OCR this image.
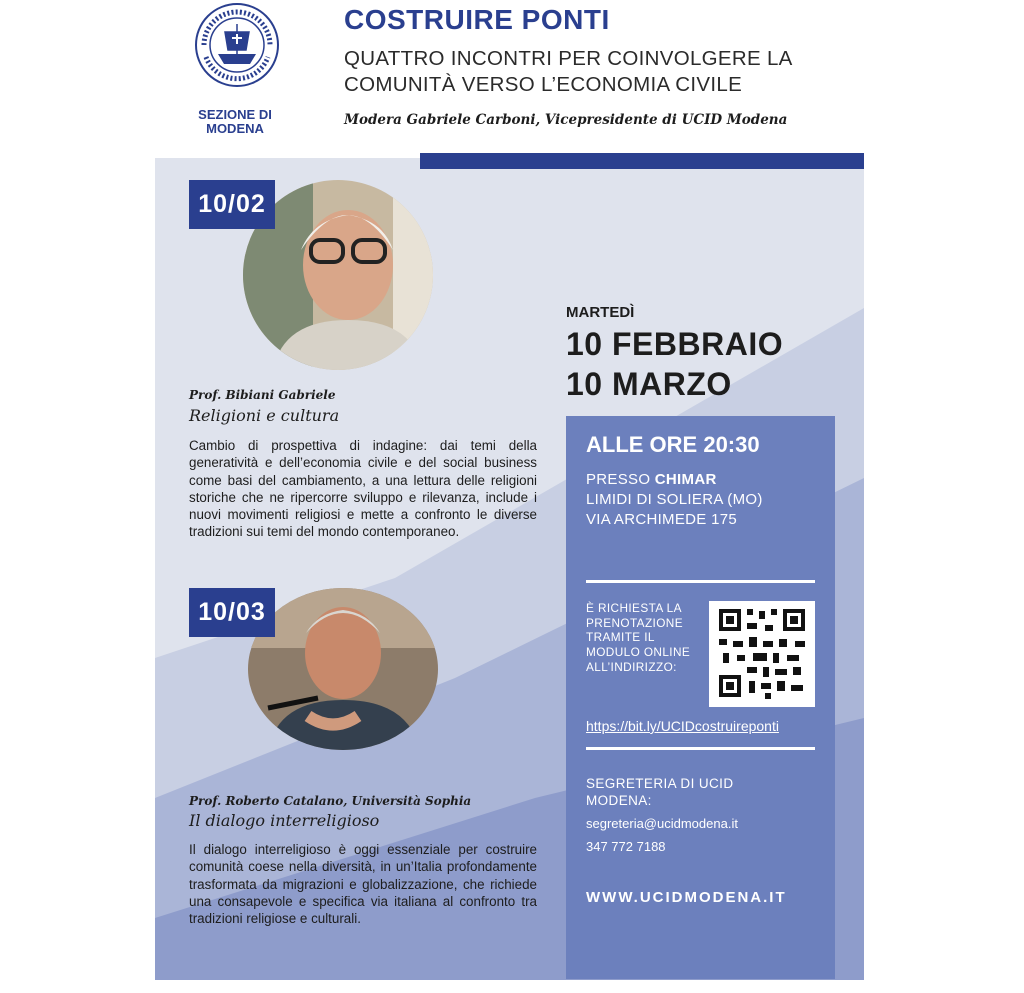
SEZIONE DI MODENA
COSTRUIRE PONTI
QUATTRO INCONTRI PER COINVOLGERE LA COMUNITÀ VERSO L’ECONOMIA CIVILE
Modera Gabriele Carboni, Vicepresidente di UCID Modena
10/02
Prof. Bibiani Gabriele
Religioni e cultura
Cambio di prospettiva di indagine: dai temi della generatività e dell’economia civile e del social business come basi del cambiamento, a una lettura delle religioni storiche che ne ripercorre sviluppo e rilevanza, include i nuovi movimenti religiosi e mette a confronto le diverse tradizioni sui temi del mondo contemporaneo.
10/03
Prof. Roberto Catalano, Università Sophia
Il dialogo interreligioso
Il dialogo interreligioso è oggi essenziale per costruire comunità coese nella diversità, in un’Italia profondamente trasformata da migrazioni e globalizzazione, che richiede una consapevole e specifica via italiana al confronto tra tradizioni religiose e culturali.
MARTEDÌ
10 FEBBRAIO
10 MARZO
ALLE ORE 20:30
PRESSO CHIMAR
LIMIDI DI SOLIERA (MO)
VIA ARCHIMEDE 175
È RICHIESTA LA PRENOTAZIONE TRAMITE IL MODULO ONLINE ALL’INDIRIZZO:
https://bit.ly/UCIDcostruireponti
SEGRETERIA DI UCID MODENA:
segreteria@ucidmodena.it
347 772 7188
WWW.UCIDMODENA.IT
